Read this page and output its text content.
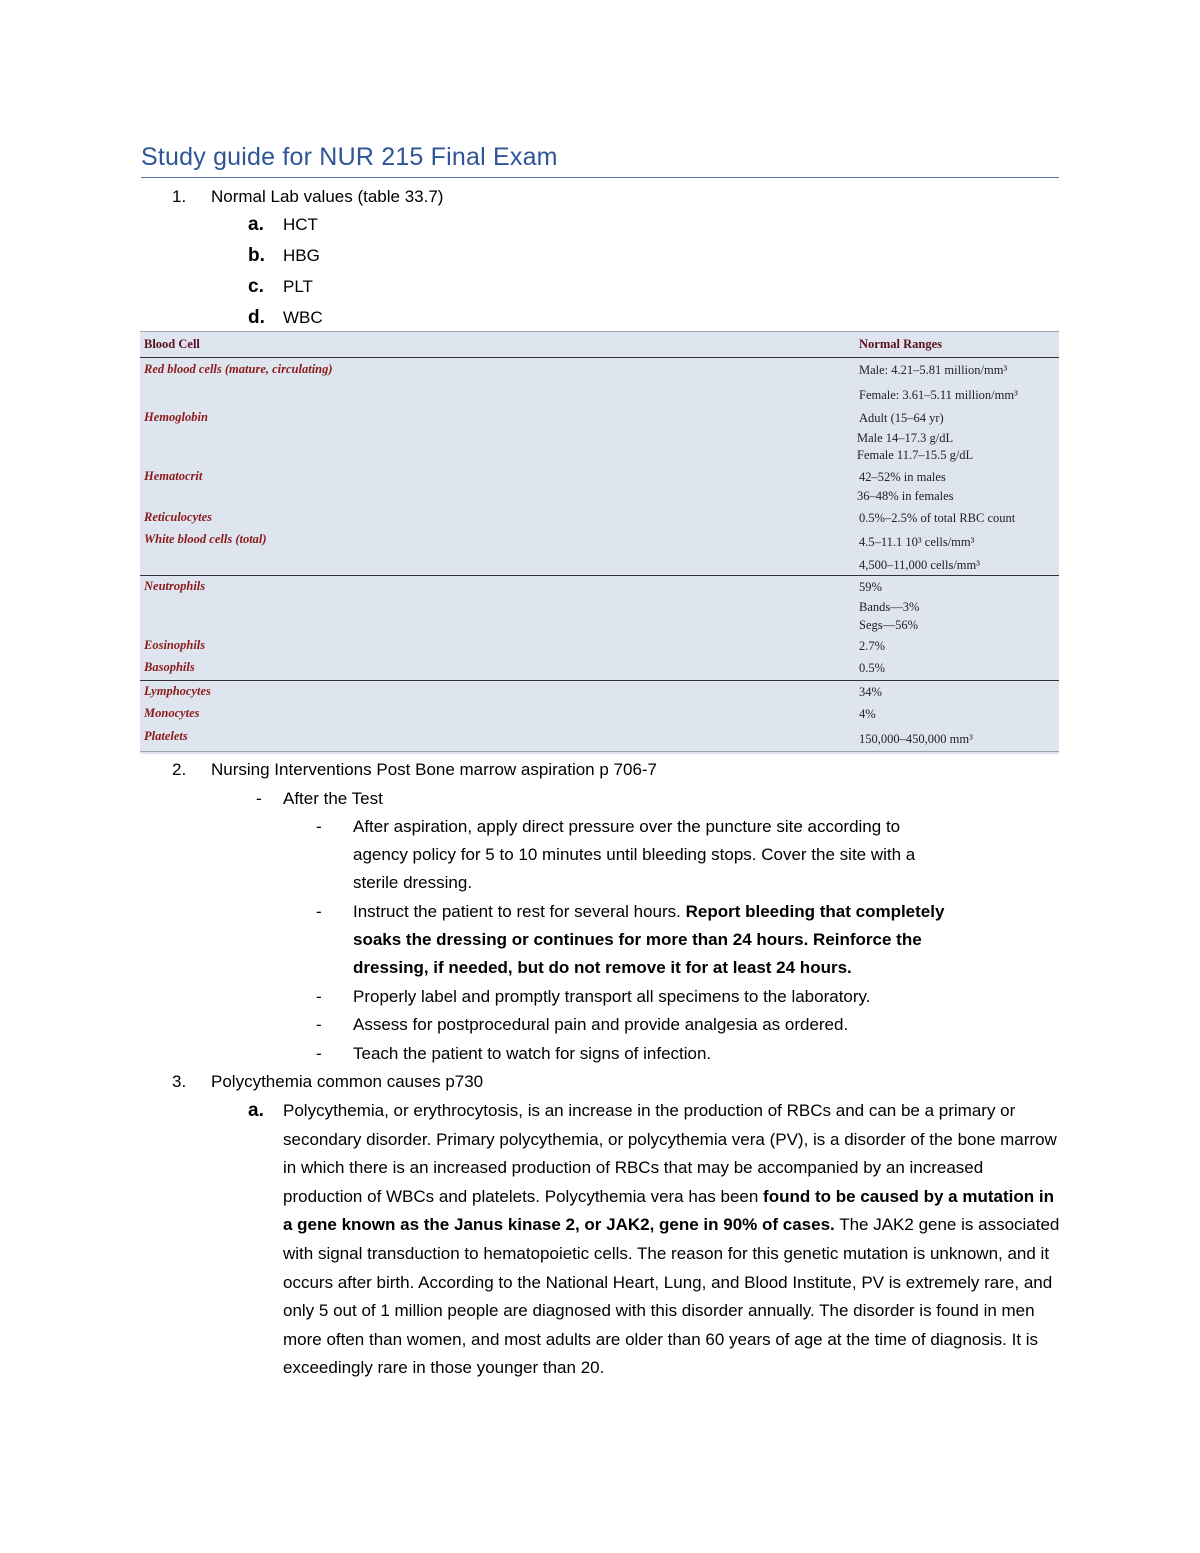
Study guide for NUR 215 Final Exam
1. Normal Lab values (table 33.7)
a. HCT
b. HBG
c. PLT
d. WBC
Blood Cell	Normal Ranges
Red blood cells (mature, circulating)	Male: 4.21–5.81 million/mm³
Female: 3.61–5.11 million/mm³
Hemoglobin	Adult (15–64 yr)
Male 14–17.3 g/dL
Female 11.7–15.5 g/dL
Hematocrit	42–52% in males
36–48% in females
Reticulocytes	0.5%–2.5% of total RBC count
White blood cells (total)	4.5–11.1 10³ cells/mm³
4,500–11,000 cells/mm³
Neutrophils	59%
Bands—3%
Segs—56%
Eosinophils	2.7%
Basophils	0.5%
Lymphocytes	34%
Monocytes	4%
Platelets	150,000–450,000 mm³
2. Nursing Interventions Post Bone marrow aspiration p 706-7
- After the Test
- After aspiration, apply direct pressure over the puncture site according to
agency policy for 5 to 10 minutes until bleeding stops. Cover the site with a
sterile dressing.
- Instruct the patient to rest for several hours. Report bleeding that completely
soaks the dressing or continues for more than 24 hours. Reinforce the
dressing, if needed, but do not remove it for at least 24 hours.
- Properly label and promptly transport all specimens to the laboratory.
- Assess for postprocedural pain and provide analgesia as ordered.
- Teach the patient to watch for signs of infection.
3. Polycythemia common causes p730
a. Polycythemia, or erythrocytosis, is an increase in the production of RBCs and can be a primary or secondary disorder. Primary polycythemia, or polycythemia vera (PV), is a disorder of the bone marrow in which there is an increased production of RBCs that may be accompanied by an increased production of WBCs and platelets. Polycythemia vera has been found to be caused by a mutation in a gene known as the Janus kinase 2, or JAK2, gene in 90% of cases. The JAK2 gene is associated with signal transduction to hematopoietic cells. The reason for this genetic mutation is unknown, and it occurs after birth. According to the National Heart, Lung, and Blood Institute, PV is extremely rare, and only 5 out of 1 million people are diagnosed with this disorder annually. The disorder is found in men more often than women, and most adults are older than 60 years of age at the time of diagnosis. It is exceedingly rare in those younger than 20.
